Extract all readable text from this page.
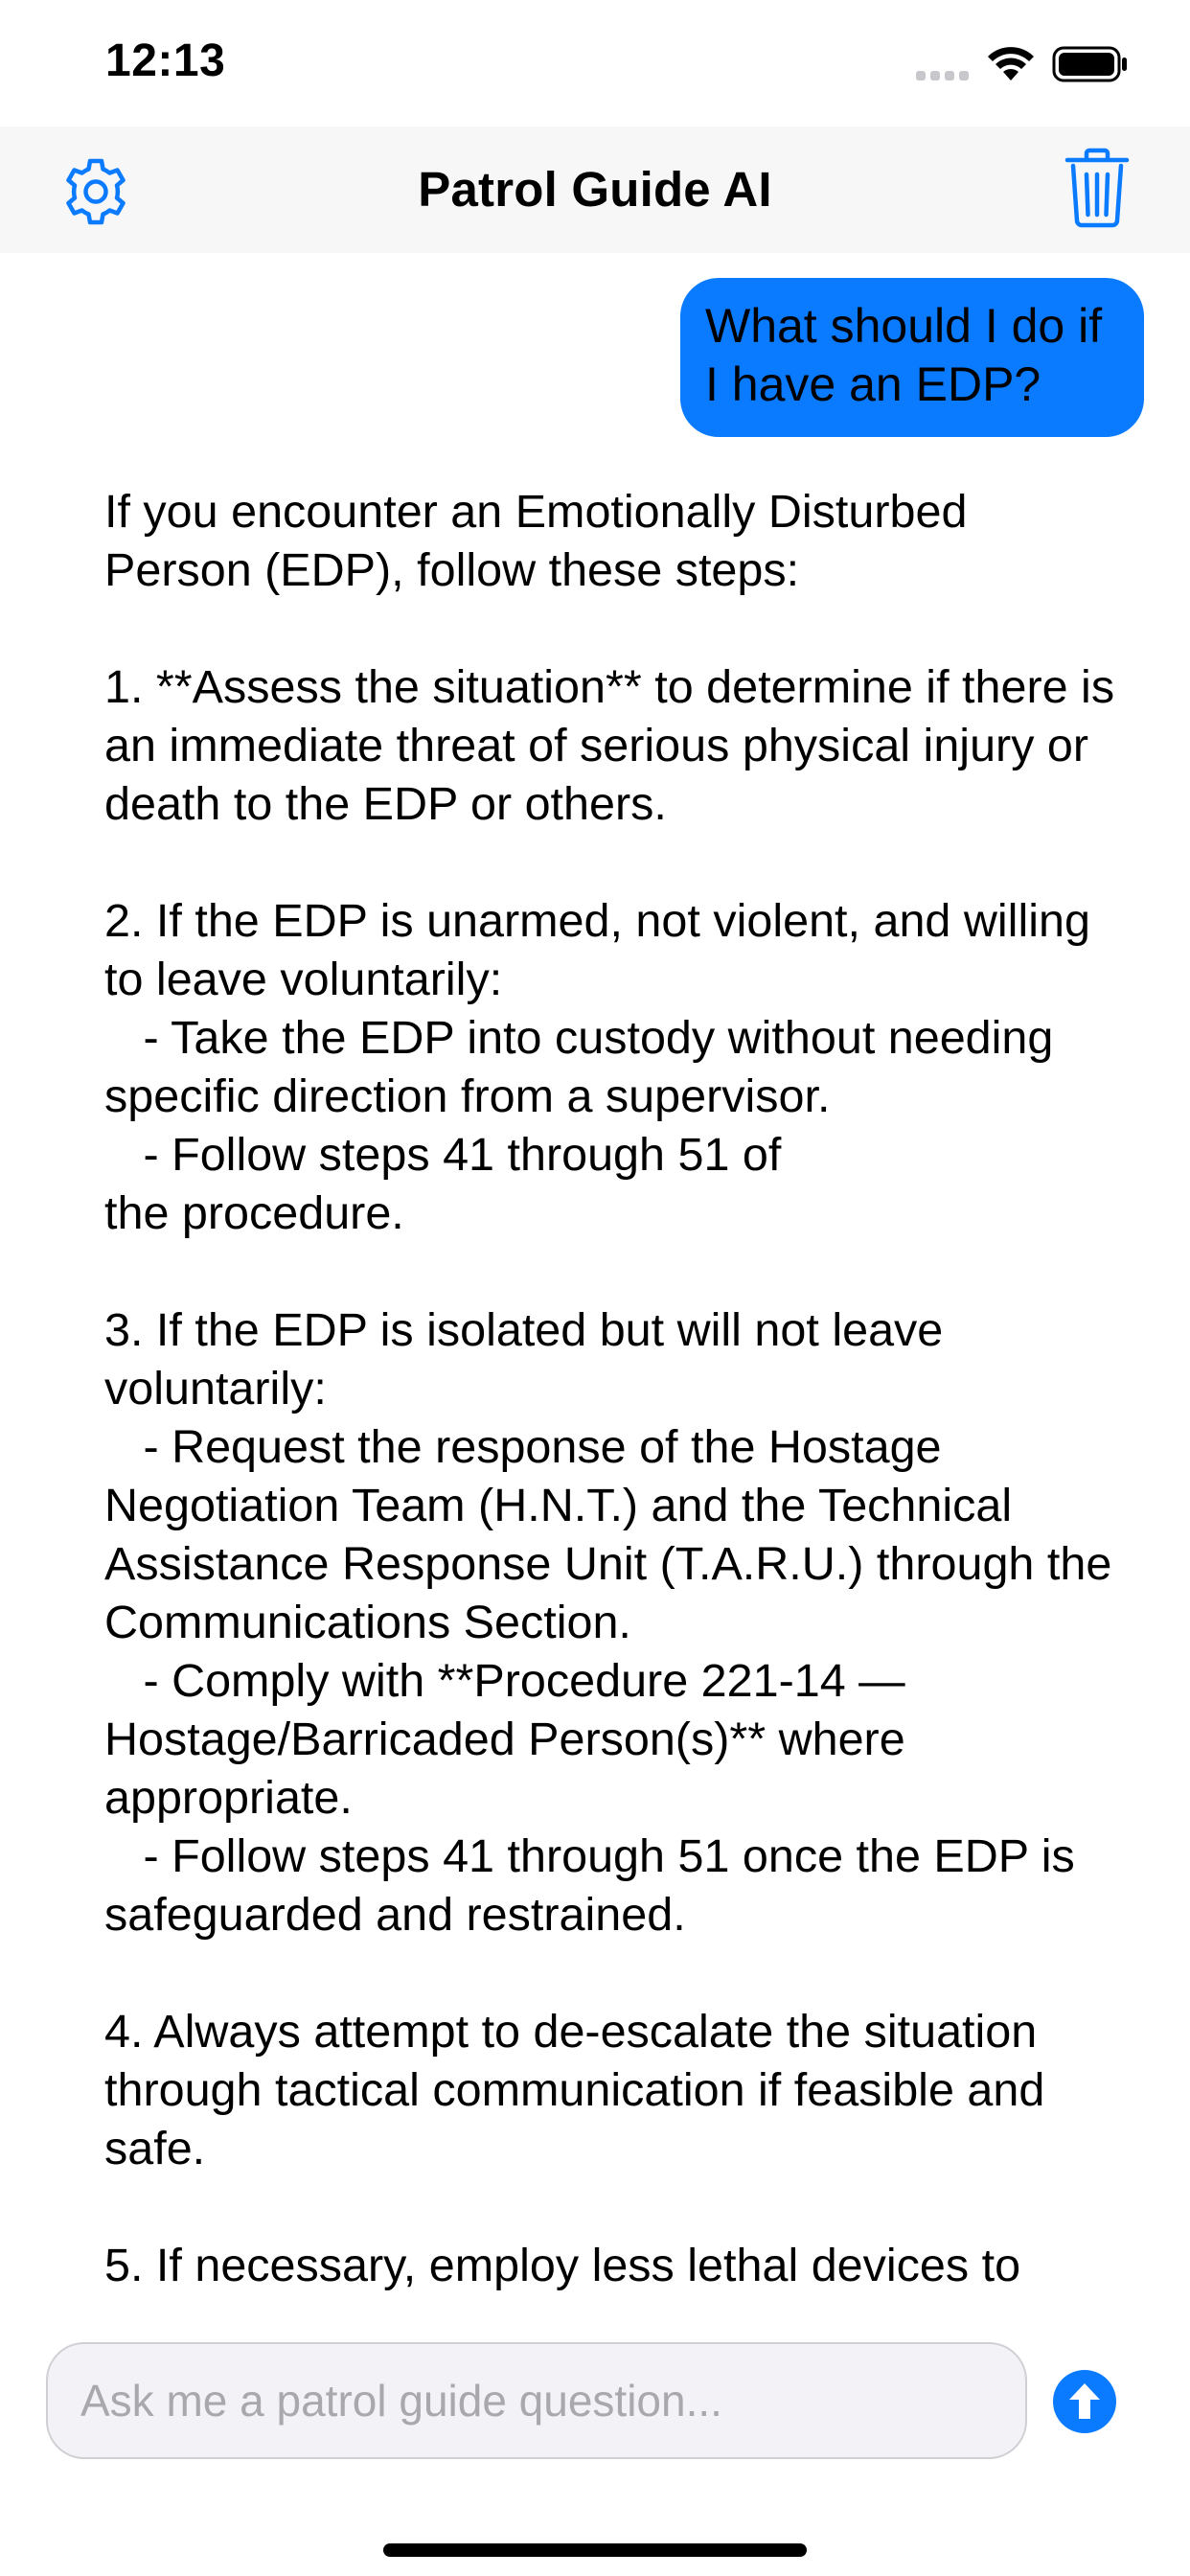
12:13
Patrol Guide AI
What should I do if I have an EDP?
If you encounter an Emotionally Disturbed Person (EDP), follow these steps:

1. **Assess the situation** to determine if there is an immediate threat of serious physical injury or death to the EDP or others.

2. If the EDP is unarmed, not violent, and willing to leave voluntarily:
- Take the EDP into custody without needing specific direction from a supervisor.
- Follow steps 41 through 51 of
the procedure.

3. If the EDP is isolated but will not leave voluntarily:
- Request the response of the Hostage Negotiation Team (H.N.T.) and the Technical Assistance Response Unit (T.A.R.U.) through the Communications Section.
- Comply with **Procedure 221-14 — Hostage/Barricaded Person(s)** where appropriate.
- Follow steps 41 through 51 once the EDP is safeguarded and restrained.

4. Always attempt to de-escalate the situation through tactical communication if feasible and safe.

5. If necessary, employ less lethal devices to
Ask me a patrol guide question...
